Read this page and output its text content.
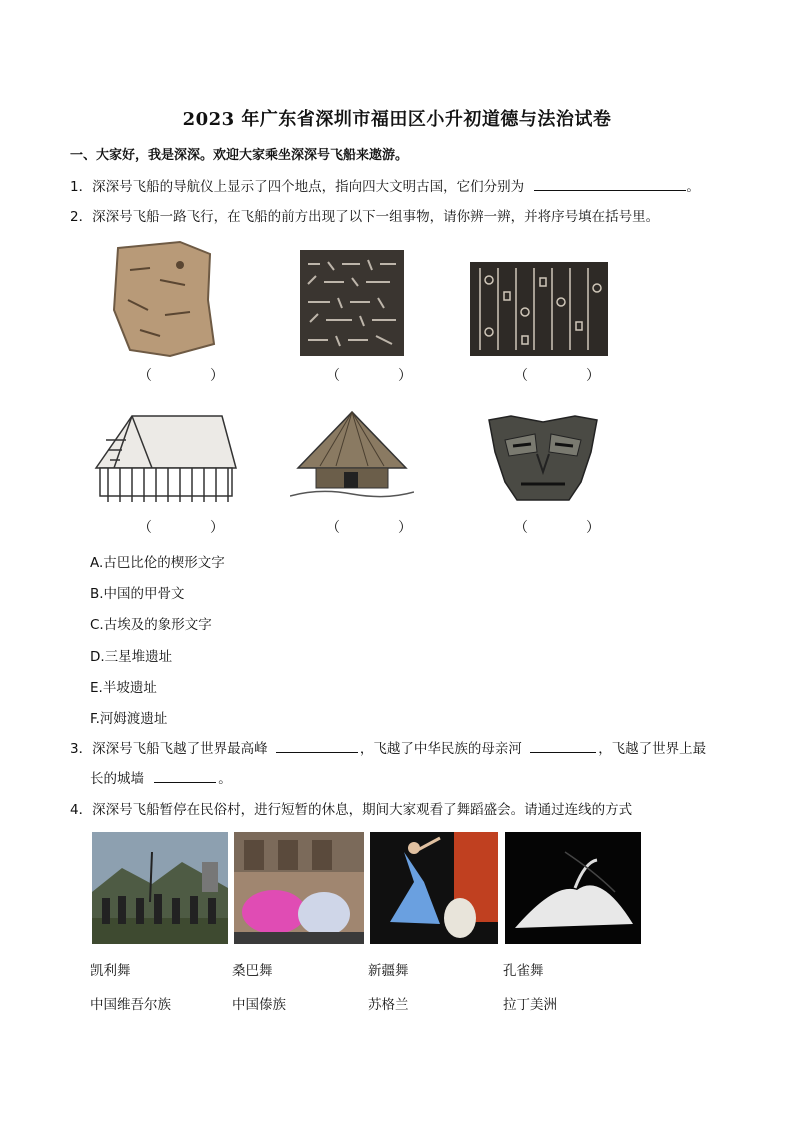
2023 年广东省深圳市福田区小升初道德与法治试卷
一、大家好，我是深深。欢迎大家乘坐深深号飞船来遨游。
1．深深号飞船的导航仪上显示了四个地点，指向四大文明古国，它们分别为	。
2．深深号飞船一路飞行，在飞船的前方出现了以下一组事物，请你辨一辨，并将序号填在括号里。
（　　）	（　　）	（　　）
（　　）	（　　）	（　　）
A.古巴比伦的楔形文字
B.中国的甲骨文
C.古埃及的象形文字
D.三星堆遗址
E.半坡遗址
F.河姆渡遗址
3．深深号飞船飞越了世界最高峰	，飞越了中华民族的母亲河	，飞越了世界上最
长的城墙	。
4．深深号飞船暂停在民俗村，进行短暂的休息，期间大家观看了舞蹈盛会。请通过连线的方式
凯利舞	桑巴舞	新疆舞	孔雀舞
中国维吾尔族	中国傣族	苏格兰	拉丁美洲
